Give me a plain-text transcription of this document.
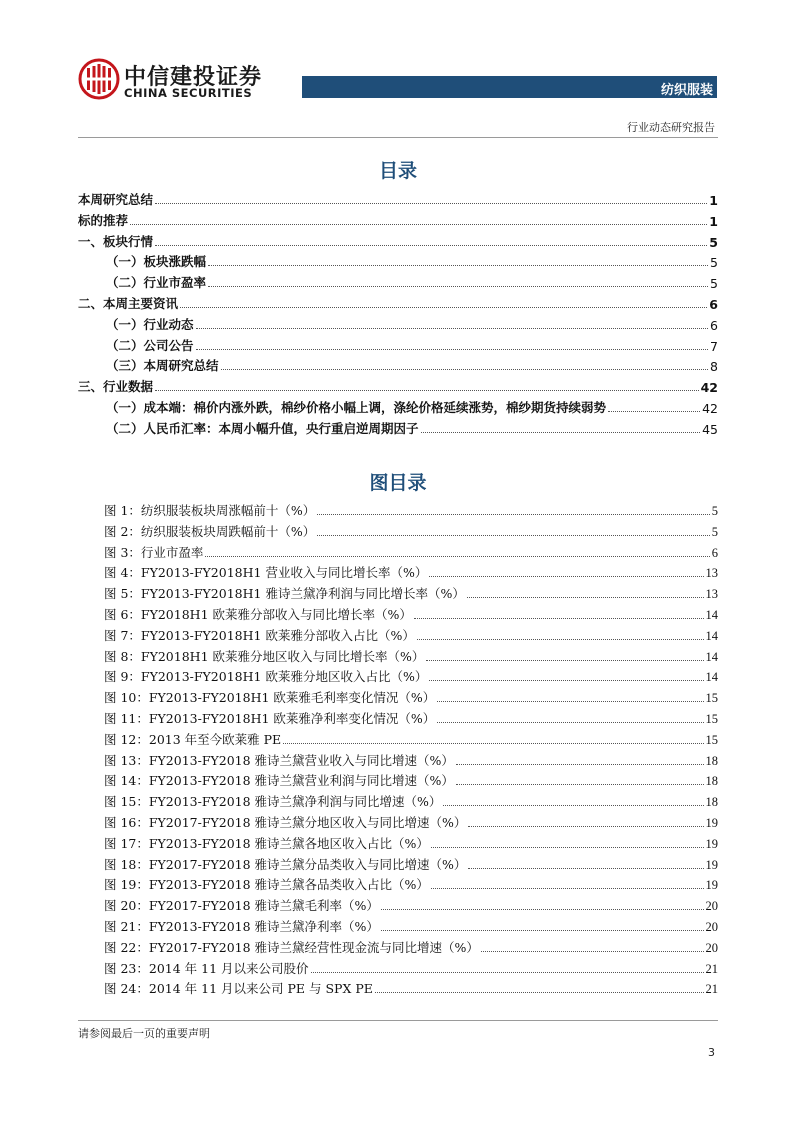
中信建投证券
CHINA SECURITIES	纺织服装
行业动态研究报告
目录
本周研究总结	1
标的推荐	1
一、板块行情	5
（一）板块涨跌幅	5
（二）行业市盈率	5
二、本周主要资讯	6
（一）行业动态	6
（二）公司公告	7
（三）本周研究总结	8
三、行业数据	42
（一）成本端：棉价内涨外跌，棉纱价格小幅上调，涤纶价格延续涨势，棉纱期货持续弱势	42
（二）人民币汇率：本周小幅升值，央行重启逆周期因子	45
图目录
图 1：纺织服装板块周涨幅前十（%）	5
图 2：纺织服装板块周跌幅前十（%）	5
图 3：行业市盈率	6
图 4：FY2013-FY2018H1 营业收入与同比增长率（%）	13
图 5：FY2013-FY2018H1 雅诗兰黛净利润与同比增长率（%）	13
图 6：FY2018H1 欧莱雅分部收入与同比增长率（%）	14
图 7：FY2013-FY2018H1 欧莱雅分部收入占比（%）	14
图 8：FY2018H1 欧莱雅分地区收入与同比增长率（%）	14
图 9：FY2013-FY2018H1 欧莱雅分地区收入占比（%）	14
图 10：FY2013-FY2018H1 欧莱雅毛利率变化情况（%）	15
图 11：FY2013-FY2018H1 欧莱雅净利率变化情况（%）	15
图 12：2013 年至今欧莱雅 PE	15
图 13：FY2013-FY2018 雅诗兰黛营业收入与同比增速（%）	18
图 14：FY2013-FY2018 雅诗兰黛营业利润与同比增速（%）	18
图 15：FY2013-FY2018 雅诗兰黛净利润与同比增速（%）	18
图 16：FY2017-FY2018 雅诗兰黛分地区收入与同比增速（%）	19
图 17：FY2013-FY2018 雅诗兰黛各地区收入占比（%）	19
图 18：FY2017-FY2018 雅诗兰黛分品类收入与同比增速（%）	19
图 19：FY2013-FY2018 雅诗兰黛各品类收入占比（%）	19
图 20：FY2017-FY2018 雅诗兰黛毛利率（%）	20
图 21：FY2013-FY2018 雅诗兰黛净利率（%）	20
图 22：FY2017-FY2018 雅诗兰黛经营性现金流与同比增速（%）	20
图 23：2014 年 11 月以来公司股价	21
图 24：2014 年 11 月以来公司 PE 与 SPX PE	21
请参阅最后一页的重要声明
3
